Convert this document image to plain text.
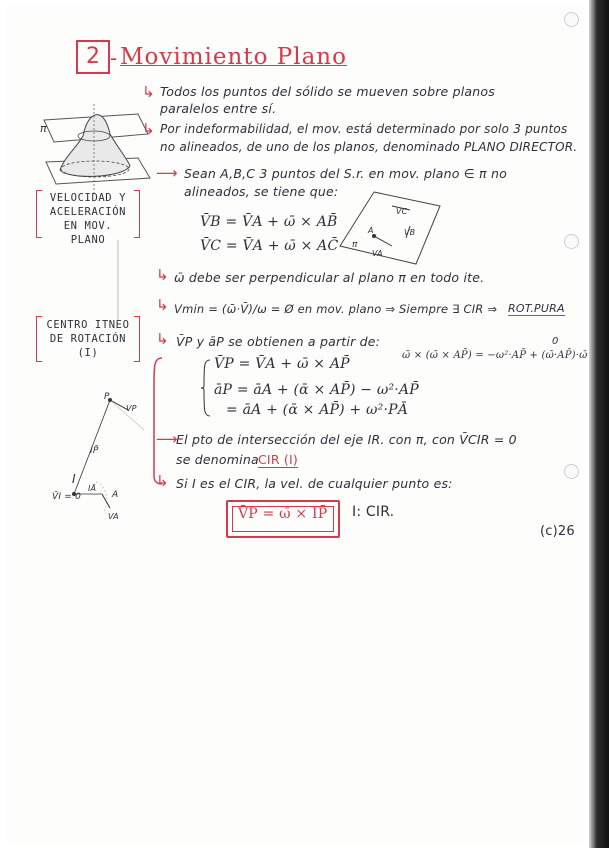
2 - Movimiento Plano
↳ Todos los puntos del sólido se mueven sobre planos
paralelos entre sí.
↳ Por indeformabilidad, el mov. está determinado por solo 3 puntos
no alineados, de uno de los planos, denominado PLANO DIRECTOR.
π
VELOCIDAD Y
ACELERACIÓN
EN MOV. PLANO
⟶ Sean A,B,C 3 puntos del S.r. en mov. plano ∈ π no
alineados, se tiene que:
V̄B = V̄A + ω̄ × AB̄
V̄C = V̄A + ω̄ × AC̄
VC
VB
A
VA
π
↳ ω̄ debe ser perpendicular al plano π en todo ite.
↳ Vmin = (ω̄·V̄)/ω = Ø en mov. plano ⇒ Siempre ∃ CIR ⇒ ROT.PURA
CENTRO ITNEO
DE ROTACIÓN
(I)
↳ V̄P y āP se obtienen a partir de:
V̄P = V̄A + ω̄ × AP̄
āP = āA + (ᾱ × AP̄) − ω²·AP̄
= āA + (ᾱ × AP̄) + ω²·PĀ
ω̄ × (ω̄ × AP̄) = −ω²·AP̄ + (ω̄·AP̄)·ω̄
0
⟶
El pto de intersección del eje IR. con π, con V̄CIR = 0
se denomina CIR (I)
↳ Si I es el CIR, la vel. de cualquier punto es:
V̄P = ω̄ × IP̄ I: CIR.
P
VP
IP̄
I
V̄I = 0
IĀ
A
VA
(c)26
